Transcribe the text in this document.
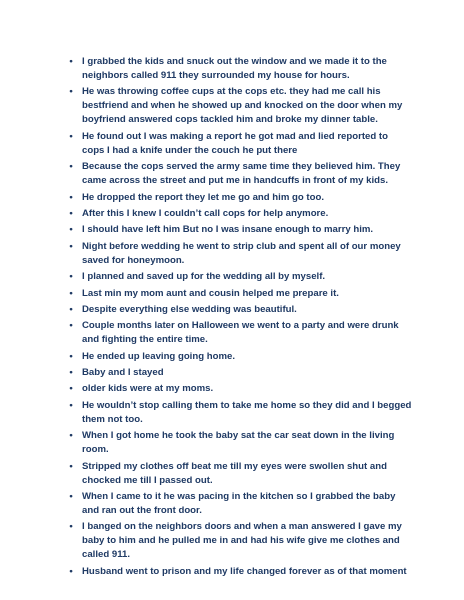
• I grabbed the kids and snuck out the window and we made it to the neighbors called 911 they surrounded my house for hours.
• He was throwing coffee cups at the cops etc. they had me call his bestfriend and when he showed up and knocked on the door when my boyfriend answered cops tackled him and broke my dinner table.
• He found out I was making a report he got mad and lied reported to cops I had a knife under the couch he put there
• Because the cops served the army same time they believed him. They came across the street and put me in handcuffs in front of my kids.
• He dropped the report they let me go and him go too.
• After this I knew I couldn’t call cops for help anymore.
• I should have left him But no I was insane enough to marry him.
• Night before wedding he went to strip club and spent all of our money saved for honeymoon.
• I planned and saved up for the wedding all by myself.
• Last min my mom aunt and cousin helped me prepare it.
• Despite everything else wedding was beautiful.
• Couple months later on Halloween we went to a party and were drunk and fighting the entire time.
• He ended up leaving going home.
• Baby and I stayed
• older kids were at my moms.
• He wouldn’t stop calling them to take me home so they did and I begged them not too.
• When I got home he took the baby sat the car seat down in the living room.
• Stripped my clothes off beat me till my eyes were swollen shut and chocked me till I passed out.
• When I came to it he was pacing in the kitchen so I grabbed the baby and ran out the front door.
• I banged on the neighbors doors and when a man answered I gave my baby to him and he pulled me in and had his wife give me clothes and called 911.
• Husband went to prison and my life changed forever as of that moment
